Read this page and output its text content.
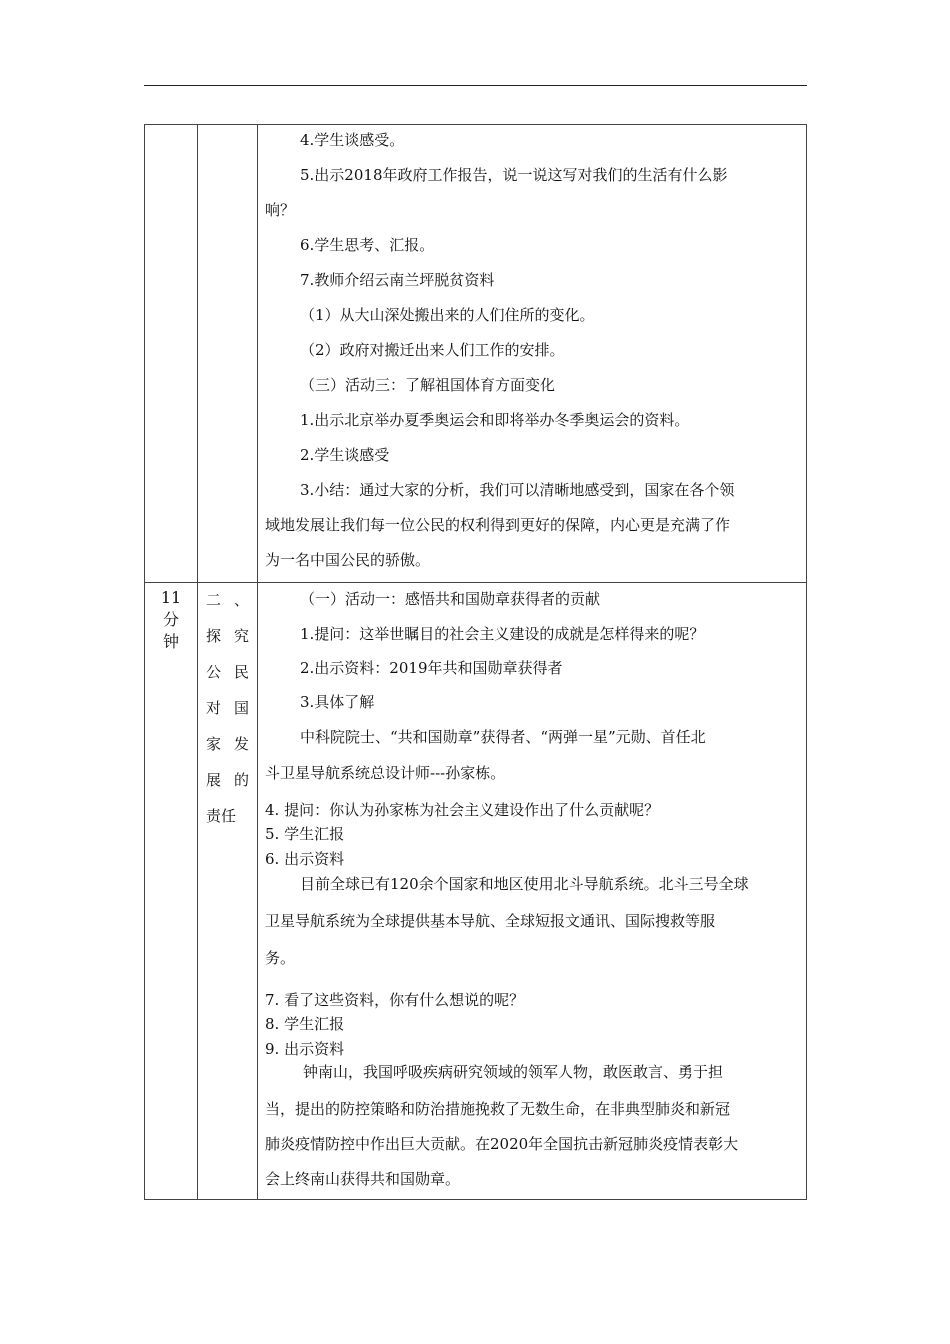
4.学生谈感受。
5.出示2018年政府工作报告，说一说这写对我们的生活有什么影
响？
6.学生思考、汇报。
7.教师介绍云南兰坪脱贫资料
（1）从大山深处搬出来的人们住所的变化。
（2）政府对搬迁出来人们工作的安排。
（三）活动三：了解祖国体育方面变化
1.出示北京举办夏季奥运会和即将举办冬季奥运会的资料。
2.学生谈感受
3.小结：通过大家的分析，我们可以清晰地感受到，国家在各个领
域地发展让我们每一位公民的权利得到更好的保障，内心更是充满了作
为一名中国公民的骄傲。
11
分
钟
二 、
探 究
公 民
对 国
家 发
展 的
责任
（一）活动一：感悟共和国勋章获得者的贡献
1.提问：这举世瞩目的社会主义建设的成就是怎样得来的呢？
2.出示资料：2019年共和国勋章获得者
3.具体了解
中科院院士、“共和国勋章”获得者、“两弹一星”元勋、首任北
斗卫星导航系统总设计师---孙家栋。
4. 提问：你认为孙家栋为社会主义建设作出了什么贡献呢？
5. 学生汇报
6. 出示资料
目前全球已有120余个国家和地区使用北斗导航系统。北斗三号全球
卫星导航系统为全球提供基本导航、全球短报文通讯、国际搜救等服
务。
7. 看了这些资料，你有什么想说的呢？
8. 学生汇报
9. 出示资料
钟南山，我国呼吸疾病研究领域的领军人物，敢医敢言、勇于担
当，提出的防控策略和防治措施挽救了无数生命，在非典型肺炎和新冠
肺炎疫情防控中作出巨大贡献。在2020年全国抗击新冠肺炎疫情表彰大
会上终南山获得共和国勋章。
